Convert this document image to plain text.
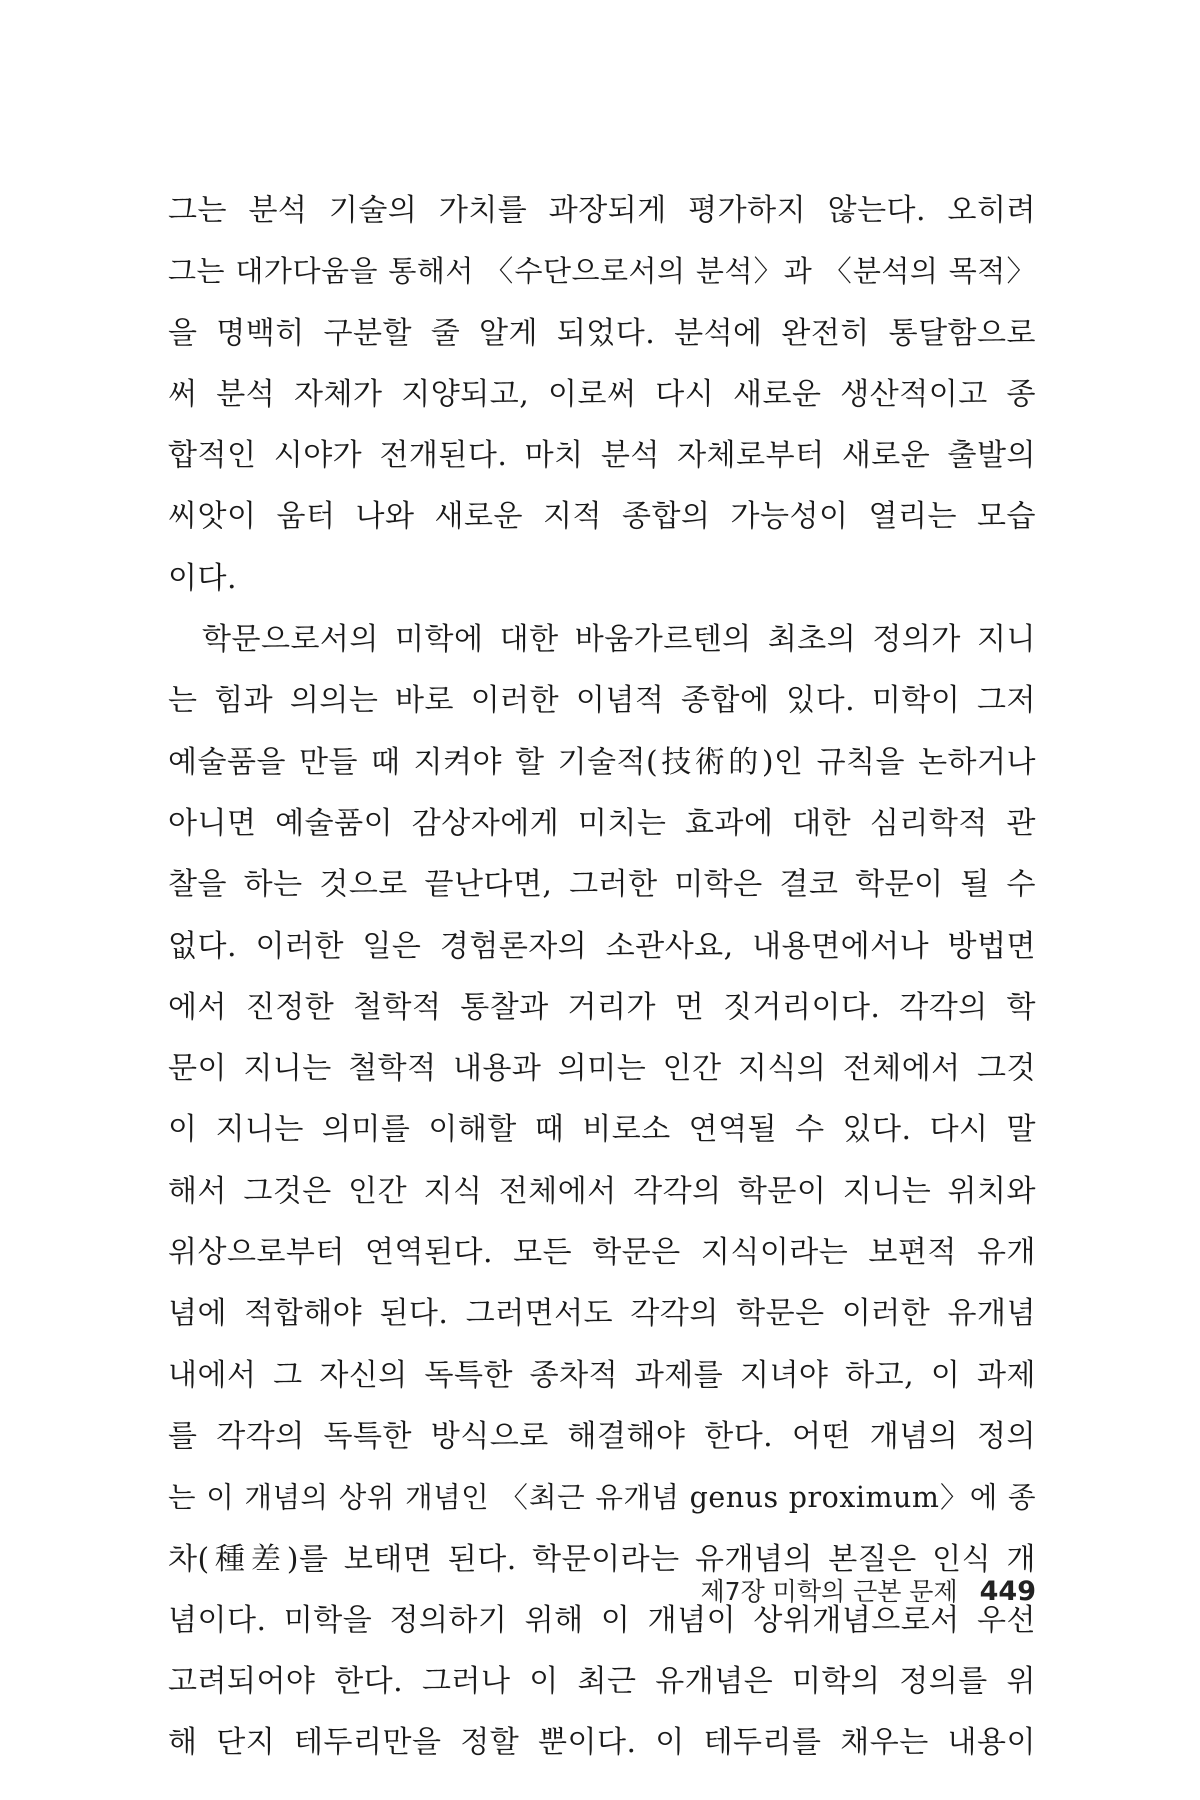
그는 분석 기술의 가치를 과장되게 평가하지 않는다. 오히려
그는 대가다움을 통해서 〈수단으로서의 분석〉과 〈분석의 목적〉
을 명백히 구분할 줄 알게 되었다. 분석에 완전히 통달함으로
써 분석 자체가 지양되고, 이로써 다시 새로운 생산적이고 종
합적인 시야가 전개된다. 마치 분석 자체로부터 새로운 출발의
씨앗이 움터 나와 새로운 지적 종합의 가능성이 열리는 모습
이다.
학문으로서의 미학에 대한 바움가르텐의 최초의 정의가 지니
는 힘과 의의는 바로 이러한 이념적 종합에 있다. 미학이 그저
예술품을 만들 때 지켜야 할 기술적(技術的)인 규칙을 논하거나
아니면 예술품이 감상자에게 미치는 효과에 대한 심리학적 관
찰을 하는 것으로 끝난다면, 그러한 미학은 결코 학문이 될 수
없다. 이러한 일은 경험론자의 소관사요, 내용면에서나 방법면
에서 진정한 철학적 통찰과 거리가 먼 짓거리이다. 각각의 학
문이 지니는 철학적 내용과 의미는 인간 지식의 전체에서 그것
이 지니는 의미를 이해할 때 비로소 연역될 수 있다. 다시 말
해서 그것은 인간 지식 전체에서 각각의 학문이 지니는 위치와
위상으로부터 연역된다. 모든 학문은 지식이라는 보편적 유개
념에 적합해야 된다. 그러면서도 각각의 학문은 이러한 유개념
내에서 그 자신의 독특한 종차적 과제를 지녀야 하고, 이 과제
를 각각의 독특한 방식으로 해결해야 한다. 어떤 개념의 정의
는 이 개념의 상위 개념인 〈최근 유개념 genus proximum〉에 종
차(種差)를 보태면 된다. 학문이라는 유개념의 본질은 인식 개
념이다. 미학을 정의하기 위해 이 개념이 상위개념으로서 우선
고려되어야 한다. 그러나 이 최근 유개념은 미학의 정의를 위
해 단지 테두리만을 정할 뿐이다. 이 테두리를 채우는 내용이
제7장 미학의 근본 문제 449
